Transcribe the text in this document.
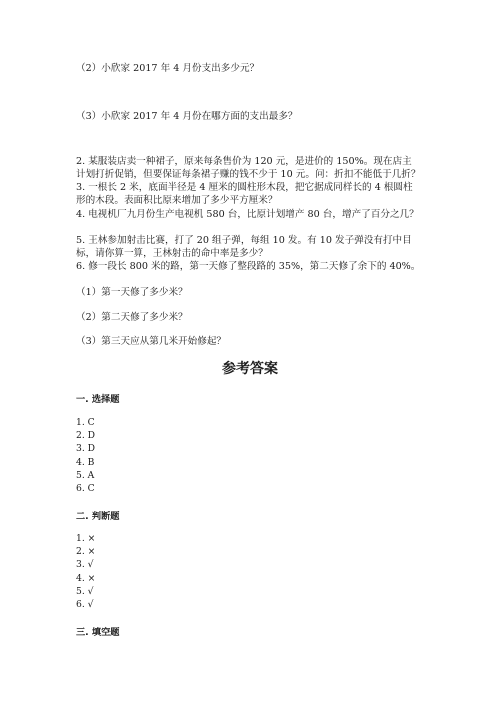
（2）小欣家 2017 年 4 月份支出多少元？

（3）小欣家 2017 年 4 月份在哪方面的支出最多？

2. 某服装店卖一种裙子，原来每条售价为 120 元，是进价的 150%。现在店主

计划打折促销，但要保证每条裙子赚的钱不少于 10 元。问：折扣不能低于几折？

3. 一根长 2 米，底面半径是 4 厘米的圆柱形木段，把它据成同样长的 4 根圆柱

形的木段。表面积比原来增加了多少平方厘米？

4. 电视机厂九月份生产电视机 580 台，比原计划增产 80 台，增产了百分之几？

5. 王林参加射击比赛，打了 20 组子弹，每组 10 发。有 10 发子弹没有打中目

标，请你算一算，王林射击的命中率是多少？

6. 修一段长 800 米的路，第一天修了整段路的 35%，第二天修了余下的 40%。

（1）第一天修了多少米？

（2）第二天修了多少米？

（3）第三天应从第几米开始修起？

参考答案

一. 选择题

1. C
2. D
3. D
4. B
5. A
6. C

二. 判断题

1. ×
2. ×
3. √
4. ×
5. √
6. √

三. 填空题
